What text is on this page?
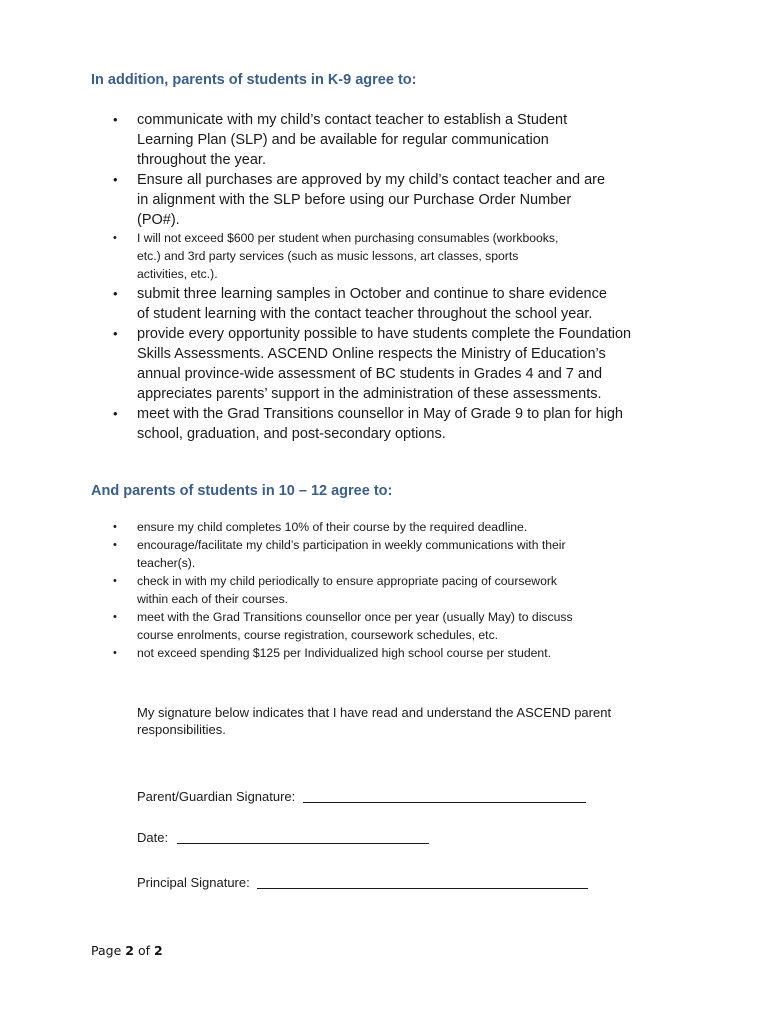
In addition, parents of students in K-9 agree to:
• communicate with my child’s contact teacher to establish a Student
Learning Plan (SLP) and be available for regular communication
throughout the year.
• Ensure all purchases are approved by my child’s contact teacher and are
in alignment with the SLP before using our Purchase Order Number
(PO#).
• I will not exceed $600 per student when purchasing consumables (workbooks,
etc.) and 3rd party services (such as music lessons, art classes, sports
activities, etc.).
• submit three learning samples in October and continue to share evidence
of student learning with the contact teacher throughout the school year.
• provide every opportunity possible to have students complete the Foundation
Skills Assessments. ASCEND Online respects the Ministry of Education’s
annual province-wide assessment of BC students in Grades 4 and 7 and
appreciates parents’ support in the administration of these assessments.
• meet with the Grad Transitions counsellor in May of Grade 9 to plan for high
school, graduation, and post-secondary options.
And parents of students in 10 – 12 agree to:
• ensure my child completes 10% of their course by the required deadline.
• encourage/facilitate my child’s participation in weekly communications with their
teacher(s).
• check in with my child periodically to ensure appropriate pacing of coursework
within each of their courses.
• meet with the Grad Transitions counsellor once per year (usually May) to discuss
course enrolments, course registration, coursework schedules, etc.
• not exceed spending $125 per Individualized high school course per student.
My signature below indicates that I have read and understand the ASCEND parent
responsibilities.
Parent/Guardian Signature:
Date:
Principal Signature:
Page 2 of 2
